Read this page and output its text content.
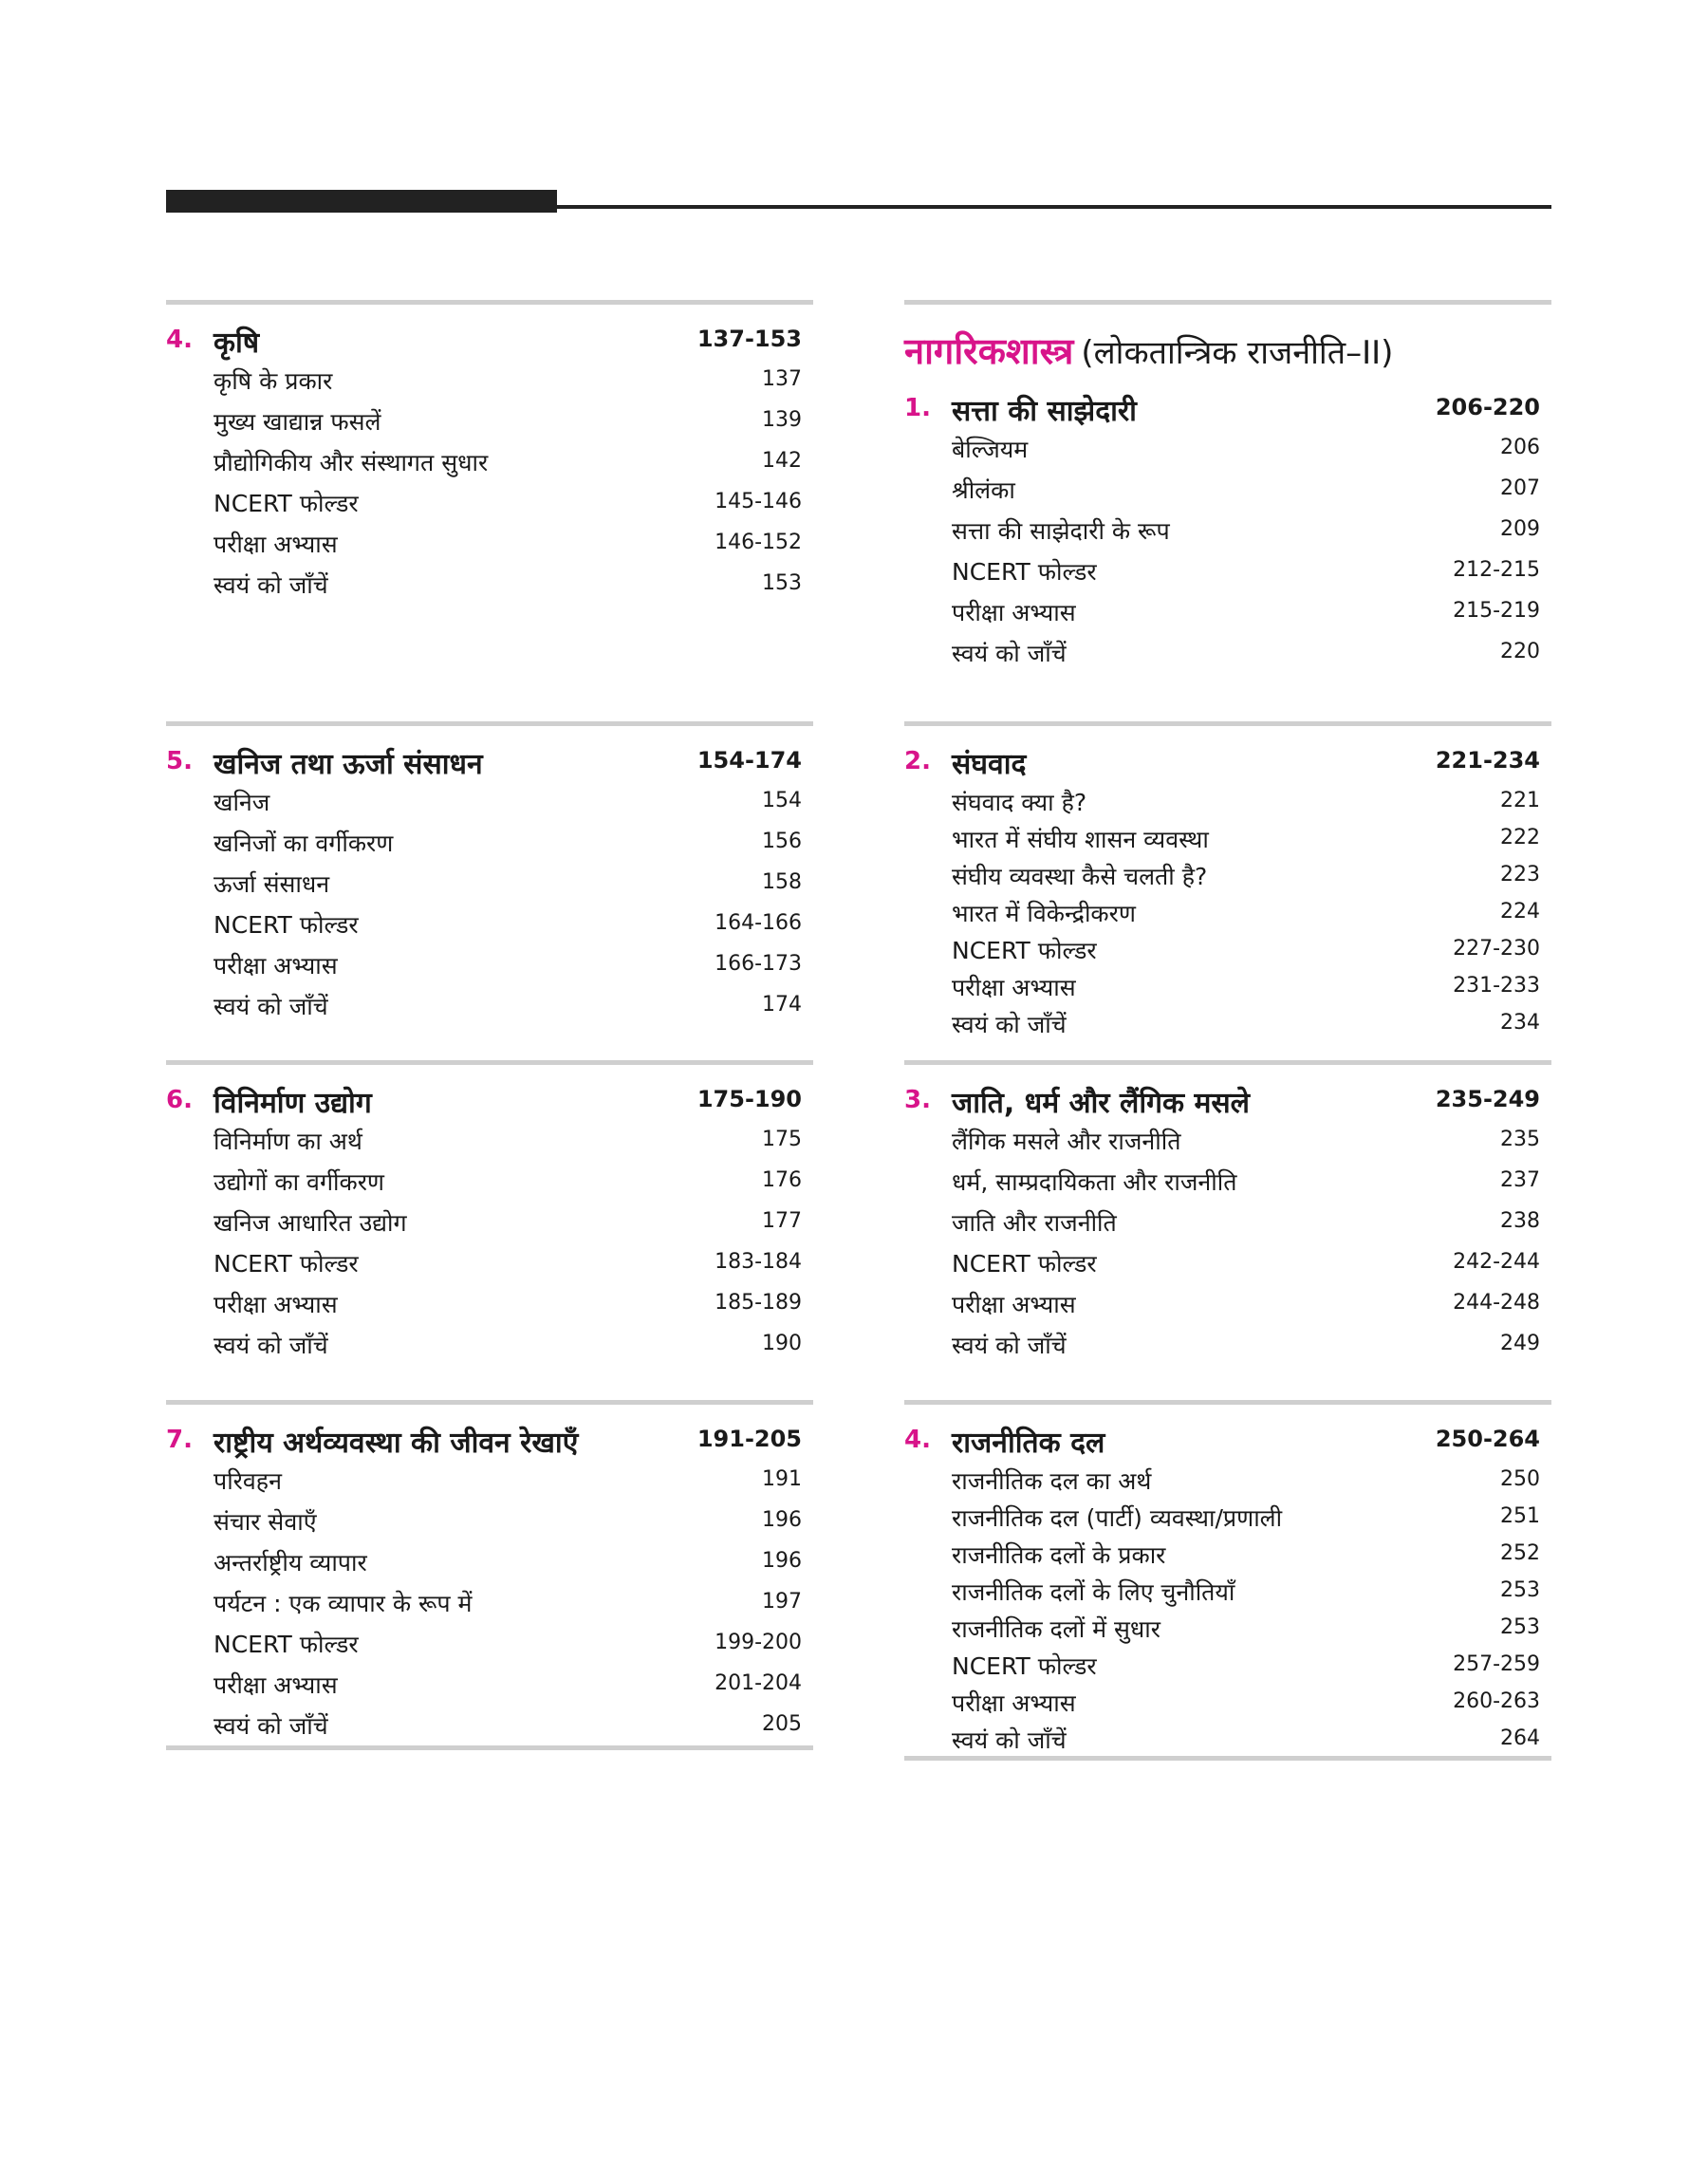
4. कृषि	137-153
कृषि के प्रकार	137
मुख्य खाद्यान्न फसलें	139
प्रौद्योगिकीय और संस्थागत सुधार	142
NCERT फोल्डर	145-146
परीक्षा अभ्यास	146-152
स्वयं को जाँचें	153
5. खनिज तथा ऊर्जा संसाधन	154-174
खनिज	154
खनिजों का वर्गीकरण	156
ऊर्जा संसाधन	158
NCERT फोल्डर	164-166
परीक्षा अभ्यास	166-173
स्वयं को जाँचें	174
6. विनिर्माण उद्योग	175-190
विनिर्माण का अर्थ	175
उद्योगों का वर्गीकरण	176
खनिज आधारित उद्योग	177
NCERT फोल्डर	183-184
परीक्षा अभ्यास	185-189
स्वयं को जाँचें	190
7. राष्ट्रीय अर्थव्यवस्था की जीवन रेखाएँ	191-205
परिवहन	191
संचार सेवाएँ	196
अन्तर्राष्ट्रीय व्यापार	196
पर्यटन : एक व्यापार के रूप में	197
NCERT फोल्डर	199-200
परीक्षा अभ्यास	201-204
स्वयं को जाँचें	205
नागरिकशास्त्र (लोकतान्त्रिक राजनीति–II)
1. सत्ता की साझेदारी	206-220
बेल्जियम	206
श्रीलंका	207
सत्ता की साझेदारी के रूप	209
NCERT फोल्डर	212-215
परीक्षा अभ्यास	215-219
स्वयं को जाँचें	220
2. संघवाद	221-234
संघवाद क्या है?	221
भारत में संघीय शासन व्यवस्था	222
संघीय व्यवस्था कैसे चलती है?	223
भारत में विकेन्द्रीकरण	224
NCERT फोल्डर	227-230
परीक्षा अभ्यास	231-233
स्वयं को जाँचें	234
3. जाति, धर्म और लैंगिक मसले	235-249
लैंगिक मसले और राजनीति	235
धर्म, साम्प्रदायिकता और राजनीति	237
जाति और राजनीति	238
NCERT फोल्डर	242-244
परीक्षा अभ्यास	244-248
स्वयं को जाँचें	249
4. राजनीतिक दल	250-264
राजनीतिक दल का अर्थ	250
राजनीतिक दल (पार्टी) व्यवस्था/प्रणाली	251
राजनीतिक दलों के प्रकार	252
राजनीतिक दलों के लिए चुनौतियाँ	253
राजनीतिक दलों में सुधार	253
NCERT फोल्डर	257-259
परीक्षा अभ्यास	260-263
स्वयं को जाँचें	264
